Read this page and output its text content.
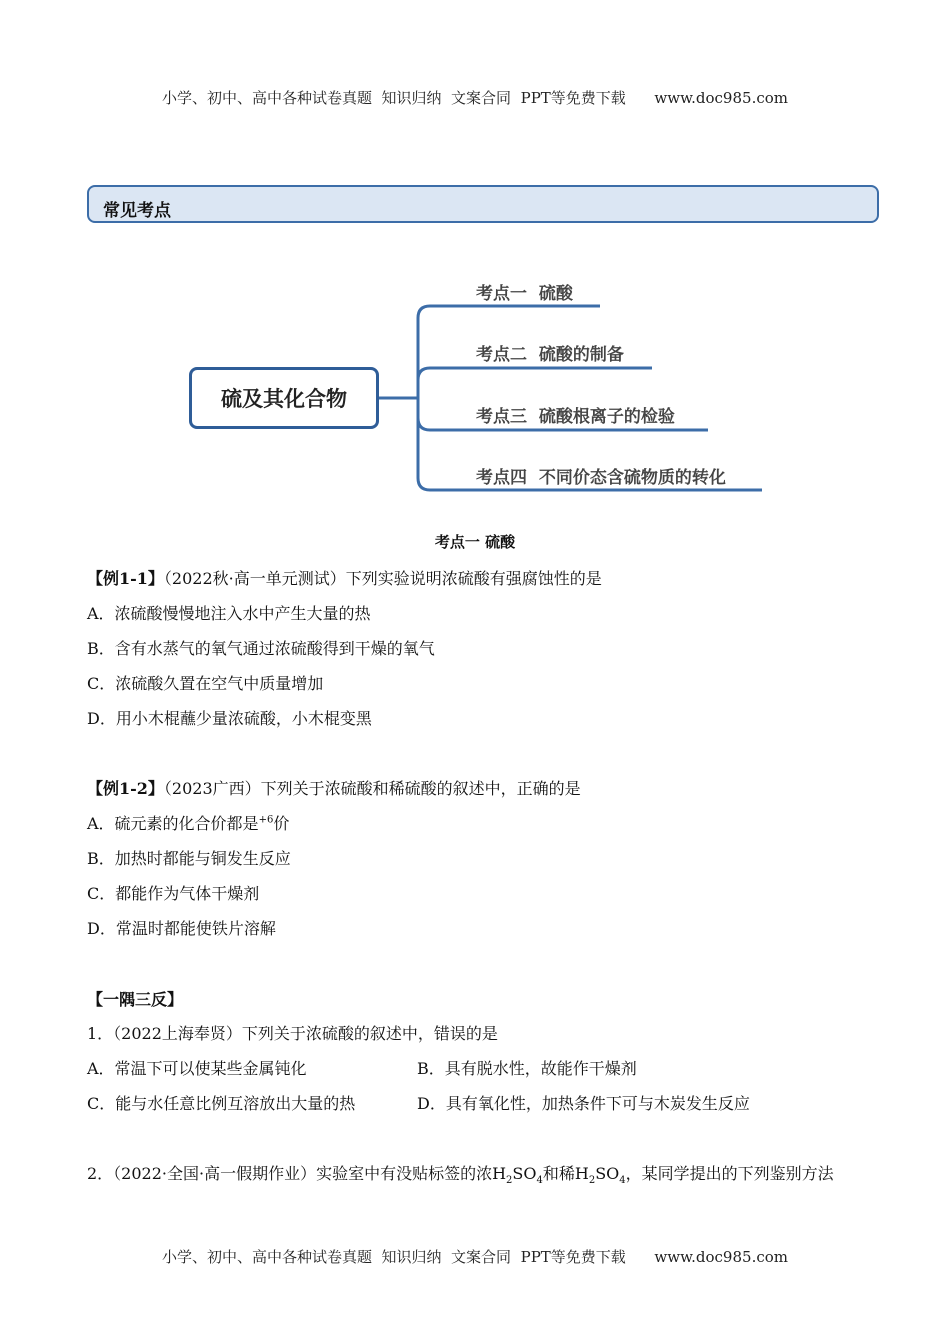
小学、初中、高中各种试卷真题  知识归纳  文案合同  PPT等免费下载      www.doc985.com
常见考点
硫及其化合物
考点一  硫酸
考点二  硫酸的制备
考点三  硫酸根离子的检验
考点四  不同价态含硫物质的转化
考点一 硫酸
【例1-1】（2022秋·高一单元测试）下列实验说明浓硫酸有强腐蚀性的是
A．浓硫酸慢慢地注入水中产生大量的热
B．含有水蒸气的氧气通过浓硫酸得到干燥的氧气
C．浓硫酸久置在空气中质量增加
D．用小木棍蘸少量浓硫酸，小木棍变黑
【例1-2】（2023广西）下列关于浓硫酸和稀硫酸的叙述中，正确的是
A．硫元素的化合价都是$^{+6}$价
B．加热时都能与铜发生反应
C．都能作为气体干燥剂
D．常温时都能使铁片溶解
【一隅三反】
1．（2022上海奉贤）下列关于浓硫酸的叙述中，错误的是
A．常温下可以使某些金属钝化	B．具有脱水性，故能作干燥剂
C．能与水任意比例互溶放出大量的热	D．具有氧化性，加热条件下可与木炭发生反应
2．（2022·全国·高一假期作业）实验室中有没贴标签的浓$H_2SO_4$和稀$H_2SO_4$，某同学提出的下列鉴别方法
小学、初中、高中各种试卷真题  知识归纳  文案合同  PPT等免费下载      www.doc985.com
